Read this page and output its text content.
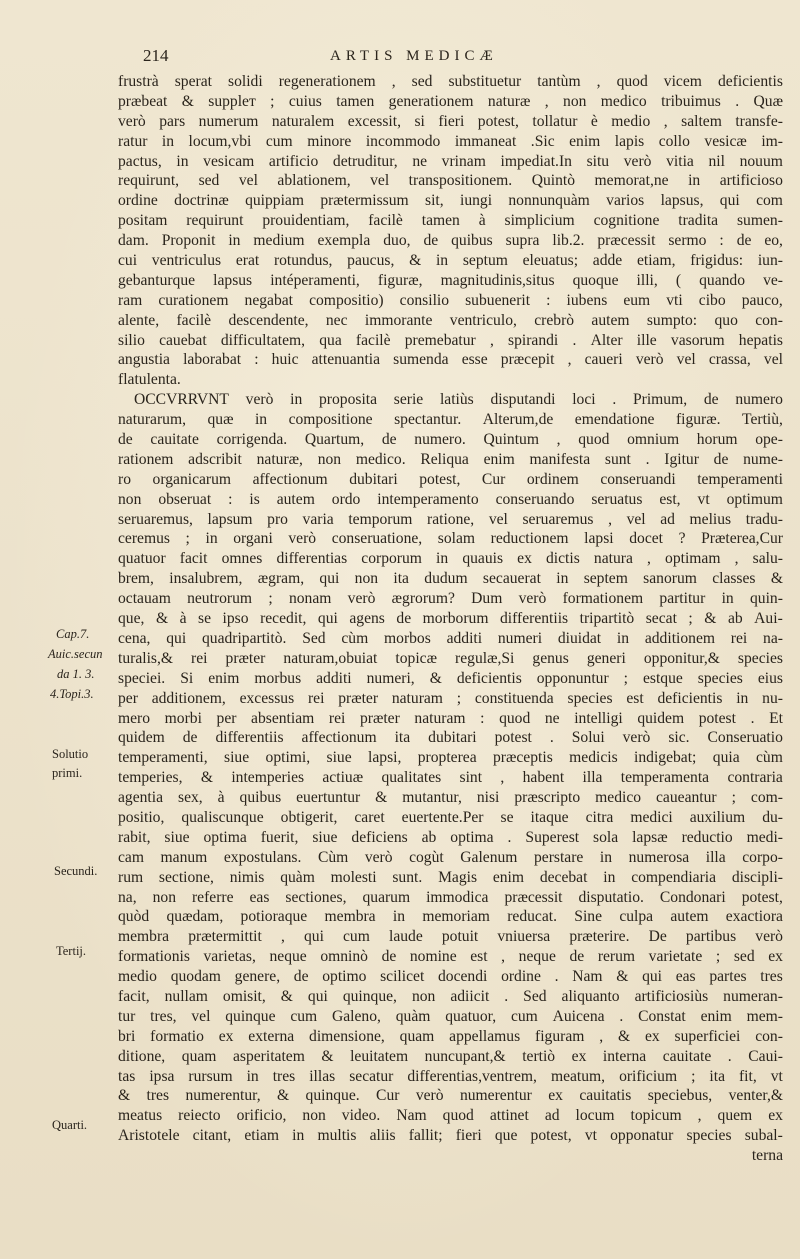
214	ARTIS MEDICÆ
frustrà sperat solidi regenerationem , sed substituetur tantùm , quod vicem deficientis
præbeat & suppleт ; cuius tamen generationem naturæ , non medico tribuimus . Quæ
verò pars numerum naturalem excessit, si fieri potest, tollatur è medio , saltem transfe-
ratur in locum,vbi cum minore incommodo immaneat .Sic enim lapis collo vesicæ im-
pactus, in vesicam artificio detruditur, ne vrinam impediat.In situ verò vitia nil nouum
requirunt, sed vel ablationem, vel transpositionem. Quintò memorat,ne in artificioso
ordine doctrinæ quippiam prætermissum sit, iungi nonnunquàm varios lapsus, qui com
positam requirunt prouidentiam, facilè tamen à simplicium cognitione tradita sumen-
dam. Proponit in medium exempla duo, de quibus supra lib.2. præcessit sermo : de eo,
cui ventriculus erat rotundus, paucus, & in septum eleuatus; adde etiam, frigidus: iun-
gebanturque lapsus intéperamenti, figuræ, magnitudinis,situs quoque illi, ( quando ve-
ram curationem negabat compositio) consilio subuenerit : iubens eum vti cibo pauco,
alente, facilè descendente, nec immorante ventriculo, crebrò autem sumpto: quo con-
silio cauebat difficultatem, qua facilè premebatur , spirandi . Alter ille vasorum hepatis
angustia laborabat : huic attenuantia sumenda esse præcepit , caueri verò vel crassa, vel
flatulenta.
OCCVRRVNT verò in proposita serie latiùs disputandi loci . Primum, de numero
naturarum, quæ in compositione spectantur. Alterum,de emendatione figuræ. Tertiù,
de cauitate corrigenda. Quartum, de numero. Quintum , quod omnium horum ope-
rationem adscribit naturæ, non medico. Reliqua enim manifesta sunt . Igitur de nume-
ro organicarum affectionum dubitari potest, Cur ordinem conseruandi temperamenti
non obseruat : is autem ordo intemperamento conseruando seruatus est, vt optimum
seruaremus, lapsum pro varia temporum ratione, vel seruaremus , vel ad melius tradu-
ceremus ; in organi verò conseruatione, solam reductionem lapsi docet ? Præterea,Cur
quatuor facit omnes differentias corporum in quauis ex dictis natura , optimam , salu-
brem, insalubrem, ægram, qui non ita dudum secauerat in septem sanorum classes &
octauam neutrorum ; nonam verò ægrorum? Dum verò formationem partitur in quin-
que, & à se ipso recedit, qui agens de morborum differentiis tripartitò secat ; & ab Aui-
cena, qui quadripartitò. Sed cùm morbos additi numeri diuidat in additionem rei na-
turalis,& rei præter naturam,obuiat topicæ regulæ,Si genus generi opponitur,& species
speciei. Si enim morbus additi numeri, & deficientis opponuntur ; estque species eius
per additionem, excessus rei præter naturam ; constituenda species est deficientis in nu-
mero morbi per absentiam rei præter naturam : quod ne intelligi quidem potest . Et
quidem de differentiis affectionum ita dubitari potest . Solui verò sic. Conseruatio
temperamenti, siue optimi, siue lapsi, propterea præceptis medicis indigebat; quia cùm
temperies, & intemperies actiuæ qualitates sint , habent illa temperamenta contraria
agentia sex, à quibus euertuntur & mutantur, nisi præscripto medico caueantur ; com-
positio, qualiscunque obtigerit, caret euertente.Per se itaque citra medici auxilium du-
rabit, siue optima fuerit, siue deficiens ab optima . Superest sola lapsæ reductio medi-
cam manum expostulans. Cùm verò cogùt Galenum perstare in numerosa illa corpo-
rum sectione, nimis quàm molesti sunt. Magis enim decebat in compendiaria discipli-
na, non referre eas sectiones, quarum immodica præcessit disputatio. Condonari potest,
quòd quædam, potioraque membra in memoriam reducat. Sine culpa autem exactiora
membra prætermittit , qui cum laude potuit vniuersa præterire. De partibus verò
formationis varietas, neque omninò de nomine est , neque de rerum varietate ; sed ex
medio quodam genere, de optimo scilicet docendi ordine . Nam & qui eas partes tres
facit, nullam omisit, & qui quinque, non adiicit . Sed aliquanto artificiosiùs numeran-
tur tres, vel quinque cum Galeno, quàm quatuor, cum Auicena . Constat enim mem-
bri formatio ex externa dimensione, quam appellamus figuram , & ex superficiei con-
ditione, quam asperitatem & leuitatem nuncupant,& tertiò ex interna cauitate . Caui-
tas ipsa rursum in tres illas secatur differentias,ventrem, meatum, orificium ; ita fit, vt
& tres numerentur, & quinque. Cur verò numerentur ex cauitatis speciebus, venter,&
meatus reiecto orificio, non video. Nam quod attinet ad locum topicum , quem ex
Aristotele citant, etiam in multis aliis fallit; fieri que potest, vt opponatur species subal-
terna
Cap.7.
Auic.secun
da 1. 3.
4.Topi.3.
Solutio
primi.
Secundi.
Tertij.
Quarti.
